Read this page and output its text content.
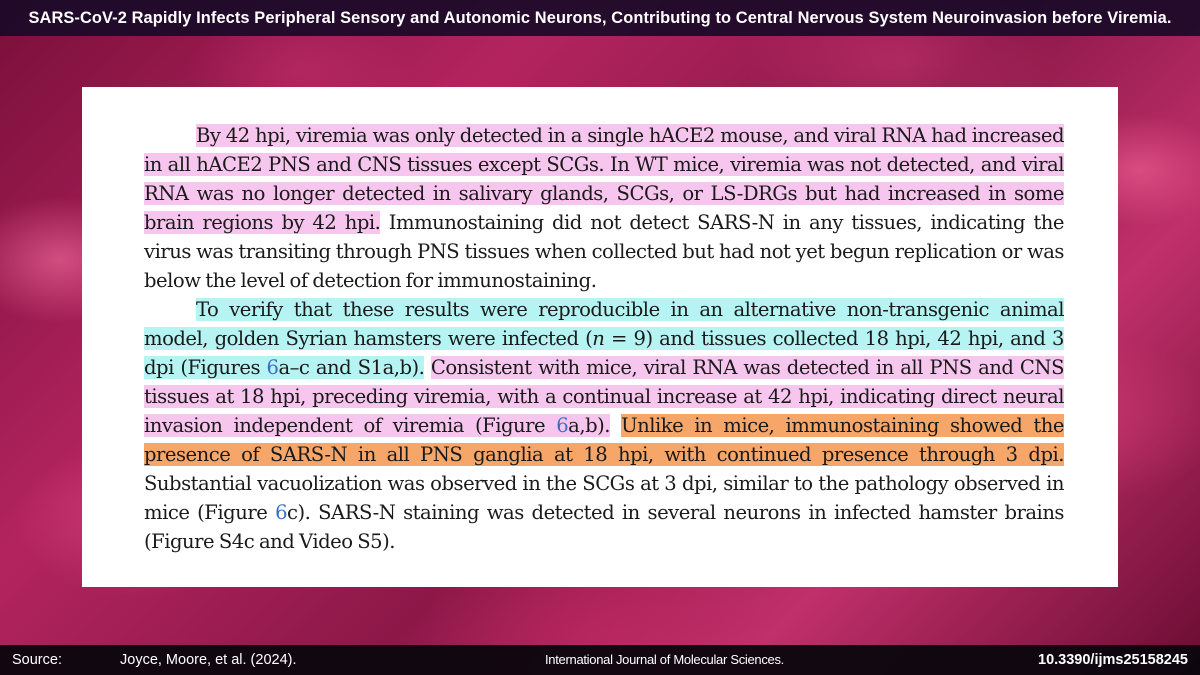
SARS-CoV-2 Rapidly Infects Peripheral Sensory and Autonomic Neurons, Contributing to Central Nervous System Neuroinvasion before Viremia.

By 42 hpi, viremia was only detected in a single hACE2 mouse, and viral RNA had increased in all hACE2 PNS and CNS tissues except SCGs. In WT mice, viremia was not detected, and viral RNA was no longer detected in salivary glands, SCGs, or LS-DRGs but had increased in some brain regions by 42 hpi. Immunostaining did not detect SARS-N in any tissues, indicating the virus was transiting through PNS tissues when collected but had not yet begun replication or was below the level of detection for immunostaining.

To verify that these results were reproducible in an alternative non-transgenic animal model, golden Syrian hamsters were infected (n = 9) and tissues collected 18 hpi, 42 hpi, and 3 dpi (Figures 6a–c and S1a,b). Consistent with mice, viral RNA was detected in all PNS and CNS tissues at 18 hpi, preceding viremia, with a continual increase at 42 hpi, indicating direct neural invasion independent of viremia (Figure 6a,b). Unlike in mice, immunostaining showed the presence of SARS-N in all PNS ganglia at 18 hpi, with continued presence through 3 dpi. Substantial vacuolization was observed in the SCGs at 3 dpi, similar to the pathology observed in mice (Figure 6c). SARS-N staining was detected in several neurons in infected hamster brains (Figure S4c and Video S5).

Source:	Joyce, Moore, et al. (2024).	International Journal of Molecular Sciences.	10.3390/ijms25158245
